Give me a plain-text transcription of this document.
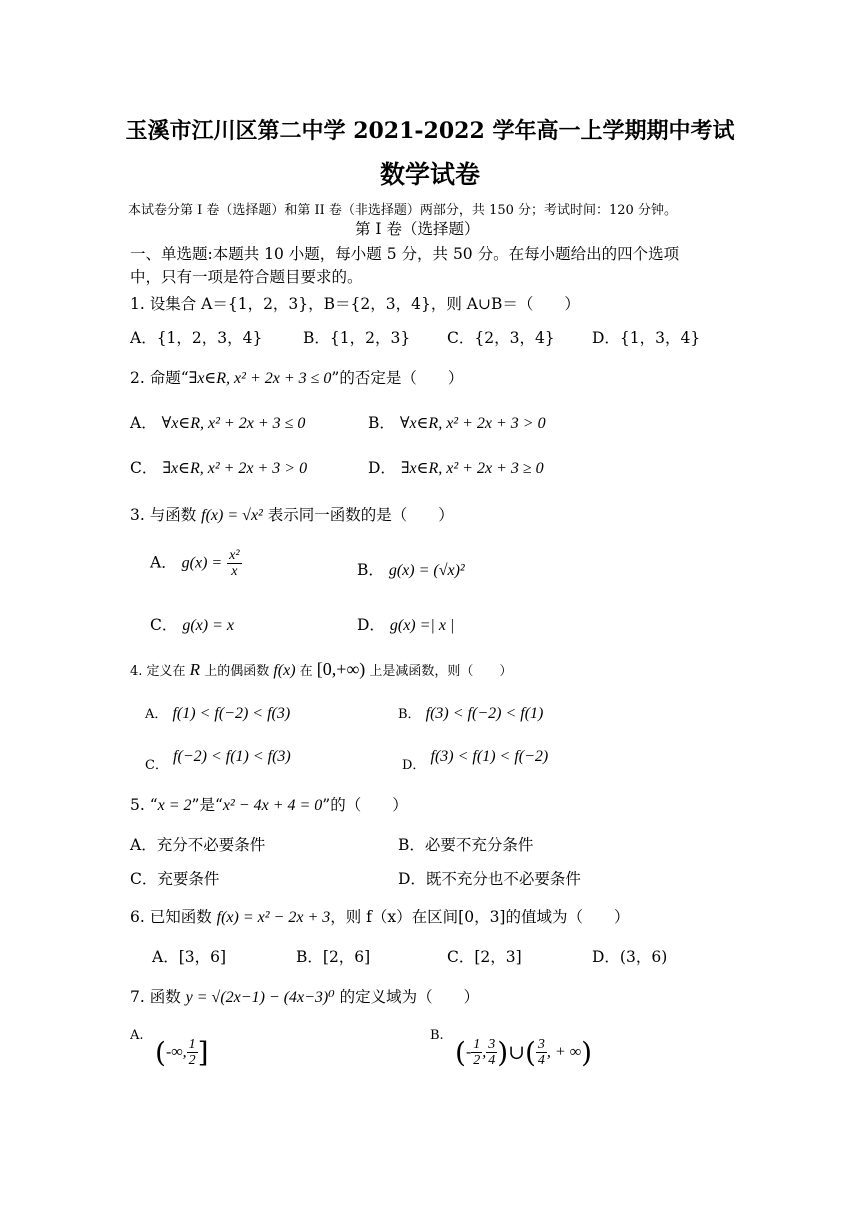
玉溪市江川区第二中学 2021-2022 学年高一上学期期中考试
数学试卷
本试卷分第 I 卷（选择题）和第 II 卷（非选择题）两部分，共 150 分；考试时间：120 分钟。
第 I 卷（选择题）
一、单选题:本题共 10 小题，每小题 5 分，共 50 分。在每小题给出的四个选项
中，只有一项是符合题目要求的。
1. 设集合 A＝{1，2，3}，B＝{2，3，4}，则 A∪B＝（　　）
A．{1，2，3，4}	B．{1，2，3} C．{2，3，4} D．{1，3，4}
2. 命题“∃x∈R, x² + 2x + 3 ≤ 0”的否定是（　　）
A． ∀x∈R, x² + 2x + 3 ≤ 0	B． ∀x∈R, x² + 2x + 3 > 0
C． ∃x∈R, x² + 2x + 3 > 0	D． ∃x∈R, x² + 2x + 3 ≥ 0
3. 与函数 f(x) = √x² 表示同一函数的是（　　）
A． $g(x) = \frac{\text{x²}}{x}$	B． g(x) = (√x)²
C． g(x) = x	D． g(x) =| x |
4. 定义在 R 上的偶函数 f(x) 在 [0,+∞) 上是减函数，则（　　）
A． f(1) < f(−2) < f(3)	B． f(3) < f(−2) < f(1)
$_{C.}$ f(−2) < f(1) < f(3)
$_{D.}$ f(3) < f(1) < f(−2)
5. “x = 2”是“x² − 4x + 4 = 0”的（　　）
A．充分不必要条件	B．必要不充分条件
C．充要条件	D．既不充分也不必要条件
6. 已知函数 f(x) = x² − 2x + 3，则 f（x）在区间[0，3]的值域为（　　）
A．[3，6]	B．[2，6]	C．[2，3]	D．(3，6)
7. 函数 y = √(2x−1) − (4x−3)⁰ 的定义域为（　　）
A.
(-∞, $\frac{1}{2}$ ]
B.
(- $\frac{1}{2}$ , $\frac{3}{4}$ )∪( $\frac{3}{4}$ , + ∞)
